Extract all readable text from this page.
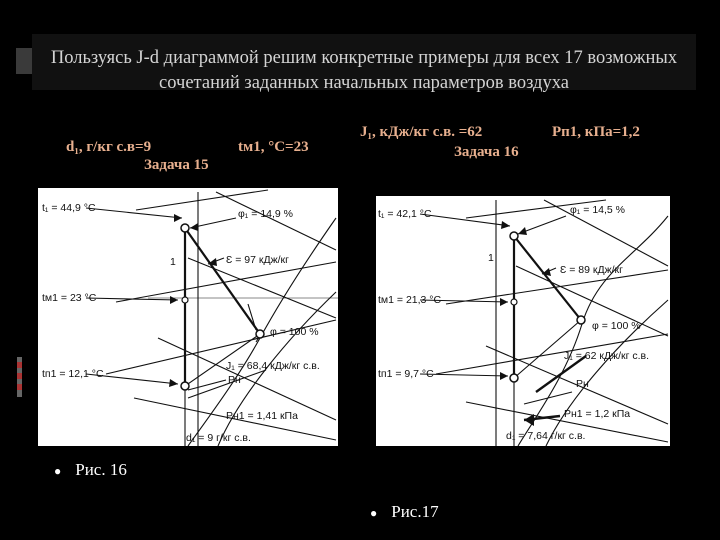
Пользуясь J-d диаграммой решим конкретные примеры для всех 17 возможных сочетаний заданных начальных параметров воздуха
d₁, г/кг с.в=9
Задача 15
tм1, °С=23
J₁, кДж/кг с.в. =62	Рп1, кПа=1,2
Задача 16
t₁ = 44,9 °C
tм1 = 23 °C
tп1 = 12,1 °C
φ₁ = 14,9 %
1	Ɛ = 97 кДж/кг
φ = 100 %
J₁ = 68,4 кДж/кг с.в.
Pн
Pн1 = 1,41 кПа
d₁ = 9 г/кг с.в.
t₁ = 42,1 °C
tм1 = 21,3 °C
tп1 = 9,7 °C
φ₁ = 14,5 %
1
Ɛ = 89 кДж/кг
φ = 100 %
J₁ = 62 кДж/кг с.в.
Pн
Pн1 = 1,2 кПа
d₁ = 7,64 г/кг с.в.
● Рис. 16
● Рис.17
